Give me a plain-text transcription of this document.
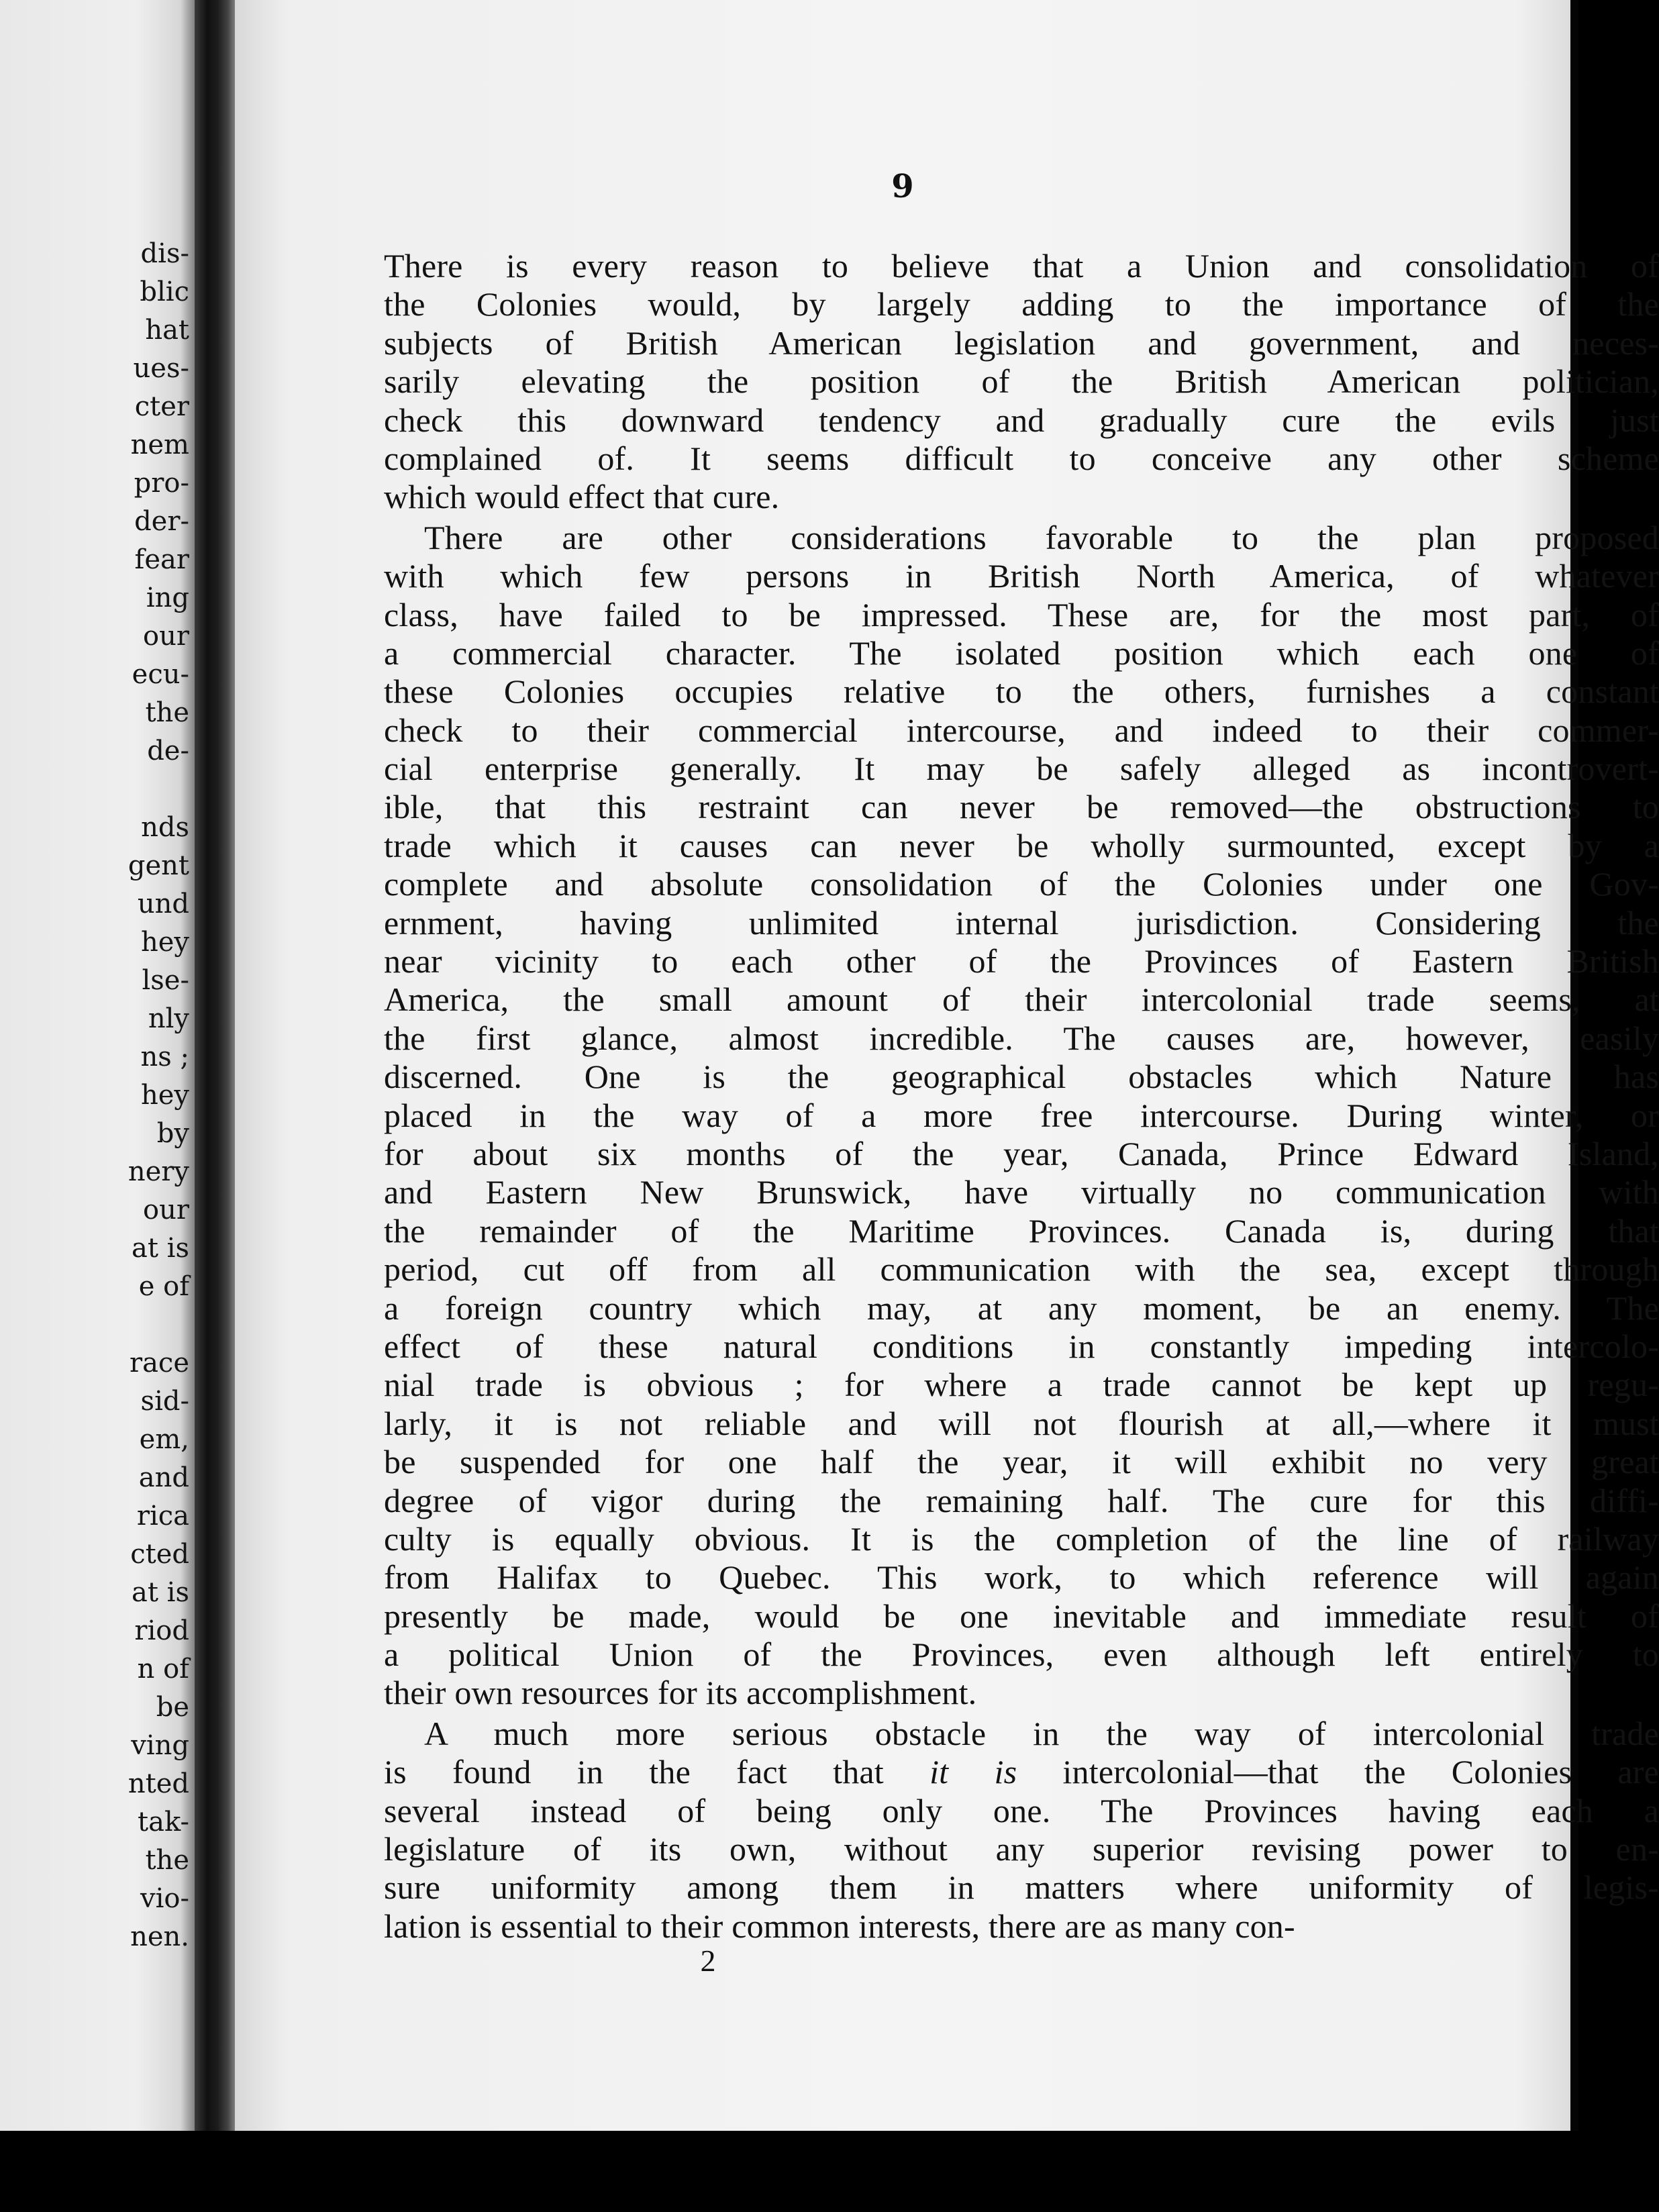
dis-
blic
hat
ues-
cter
nem
pro-
der-
fear
ing
our
ecu-
the
de-
nds
gent
und
hey
lse-
nly
ns ;
hey
by
nery
our
at is
e of
race
sid-
em,
and
rica
cted
at is
riod
n of
be
ving
nted
tak-
the
vio-
nen.
9
There is every reason to believe that a Union and consolidation of
the Colonies would, by largely adding to the importance of the
subjects of British American legislation and government, and neces-
sarily elevating the position of the British American politician,
check this downward tendency and gradually cure the evils just
complained of. It seems difficult to conceive any other scheme
which would effect that cure.
There are other considerations favorable to the plan proposed
with which few persons in British North America, of whatever
class, have failed to be impressed. These are, for the most part, of
a commercial character. The isolated position which each one of
these Colonies occupies relative to the others, furnishes a constant
check to their commercial intercourse, and indeed to their commer-
cial enterprise generally. It may be safely alleged as incontrovert-
ible, that this restraint can never be removed—the obstructions to
trade which it causes can never be wholly surmounted, except by a
complete and absolute consolidation of the Colonies under one Gov-
ernment, having unlimited internal jurisdiction. Considering the
near vicinity to each other of the Provinces of Eastern British
America, the small amount of their intercolonial trade seems, at
the first glance, almost incredible. The causes are, however, easily
discerned. One is the geographical obstacles which Nature has
placed in the way of a more free intercourse. During winter, or
for about six months of the year, Canada, Prince Edward Island,
and Eastern New Brunswick, have virtually no communication with
the remainder of the Maritime Provinces. Canada is, during that
period, cut off from all communication with the sea, except through
a foreign country which may, at any moment, be an enemy. The
effect of these natural conditions in constantly impeding intercolo-
nial trade is obvious ; for where a trade cannot be kept up regu-
larly, it is not reliable and will not flourish at all,—where it must
be suspended for one half the year, it will exhibit no very great
degree of vigor during the remaining half. The cure for this diffi-
culty is equally obvious. It is the completion of the line of railway
from Halifax to Quebec. This work, to which reference will again
presently be made, would be one inevitable and immediate result of
a political Union of the Provinces, even although left entirely to
their own resources for its accomplishment.
A much more serious obstacle in the way of intercolonial trade
is found in the fact that it is intercolonial—that the Colonies are
several instead of being only one. The Provinces having each a
legislature of its own, without any superior revising power to en-
sure uniformity among them in matters where uniformity of legis-
lation is essential to their common interests, there are as many con-
2
